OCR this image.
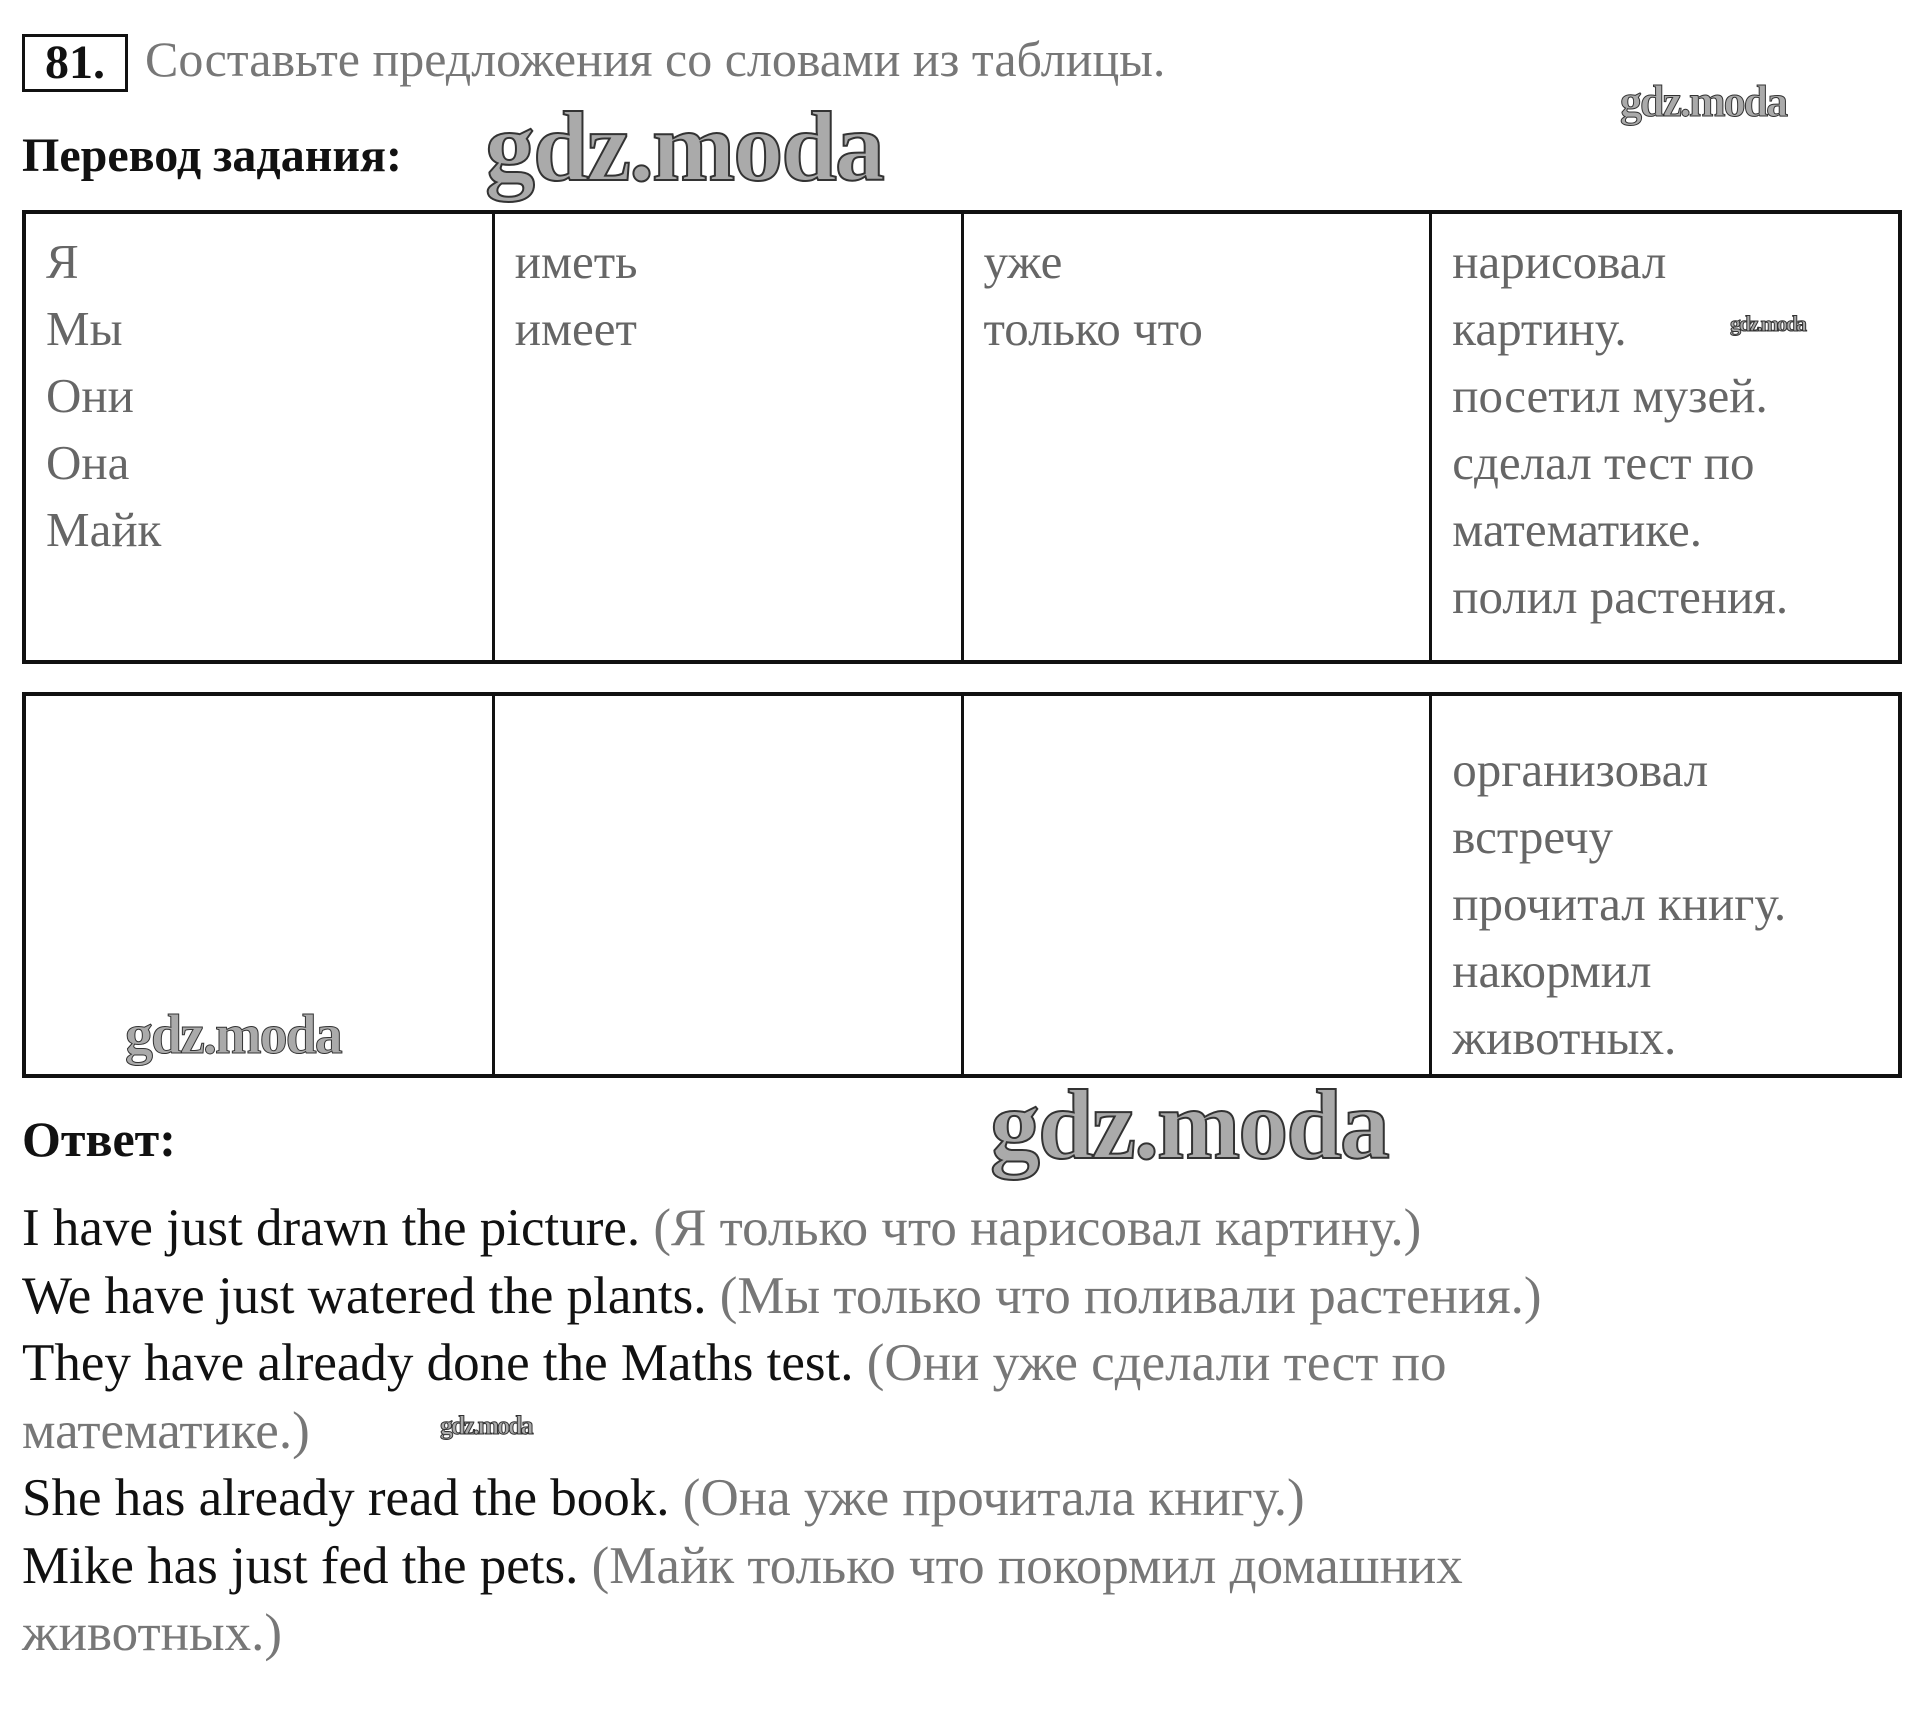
81. Составьте предложения со словами из таблицы.
Перевод задания: gdz.moda	gdz.moda
gdz.moda
Я
Мы
Они
Она
Майк
иметь
имеет
уже
только что
нарисовал
картину.
посетил музей.
сделал тест по
математике.
полил растения.
организовал
встречу
прочитал книгу.
накормил
животных.
gdz.moda
Ответ:	gdz.moda
I have just drawn the picture. (Я только что нарисовал картину.)
We have just watered the plants. (Мы только что поливали растения.)
They have already done the Maths test. (Они уже сделали тест по математике.)
She has already read the book. (Она уже прочитала книгу.)
Mike has just fed the pets. (Майк только что покормил домашних животных.)
gdz.moda
